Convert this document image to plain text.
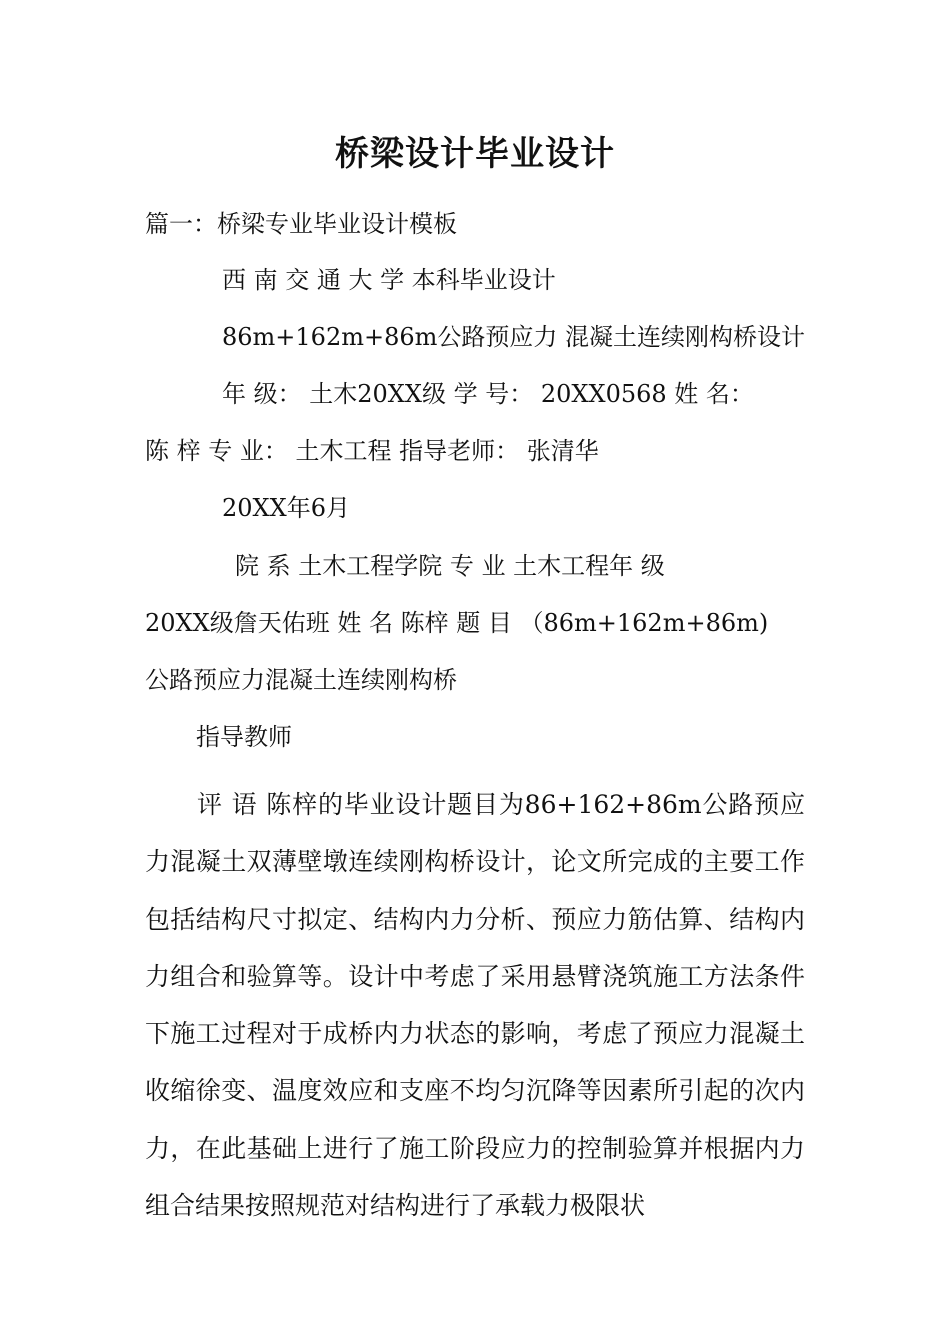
桥梁设计毕业设计
篇一：桥梁专业毕业设计模板
西 南 交 通 大 学 本科毕业设计
86m+162m+86m公路预应力 混凝土连续刚构桥设计
年 级： 土木20XX级 学 号： 20XX0568 姓 名：
陈 梓 专 业： 土木工程 指导老师： 张清华
20XX年6月
院 系 土木工程学院 专 业 土木工程年 级
20XX级詹天佑班 姓 名 陈梓 题 目 （86m+162m+86m)
公路预应力混凝土连续刚构桥
指导教师
评 语 陈梓的毕业设计题目为86+162+86m公路预应力混凝土双薄壁墩连续刚构桥设计，论文所完成的主要工作包括结构尺寸拟定、结构内力分析、预应力筋估算、结构内力组合和验算等。设计中考虑了采用悬臂浇筑施工方法条件下施工过程对于成桥内力状态的影响，考虑了预应力混凝土收缩徐变、温度效应和支座不均匀沉降等因素所引起的次内力，在此基础上进行了施工阶段应力的控制验算并根据内力组合结果按照规范对结构进行了承载力极限状
